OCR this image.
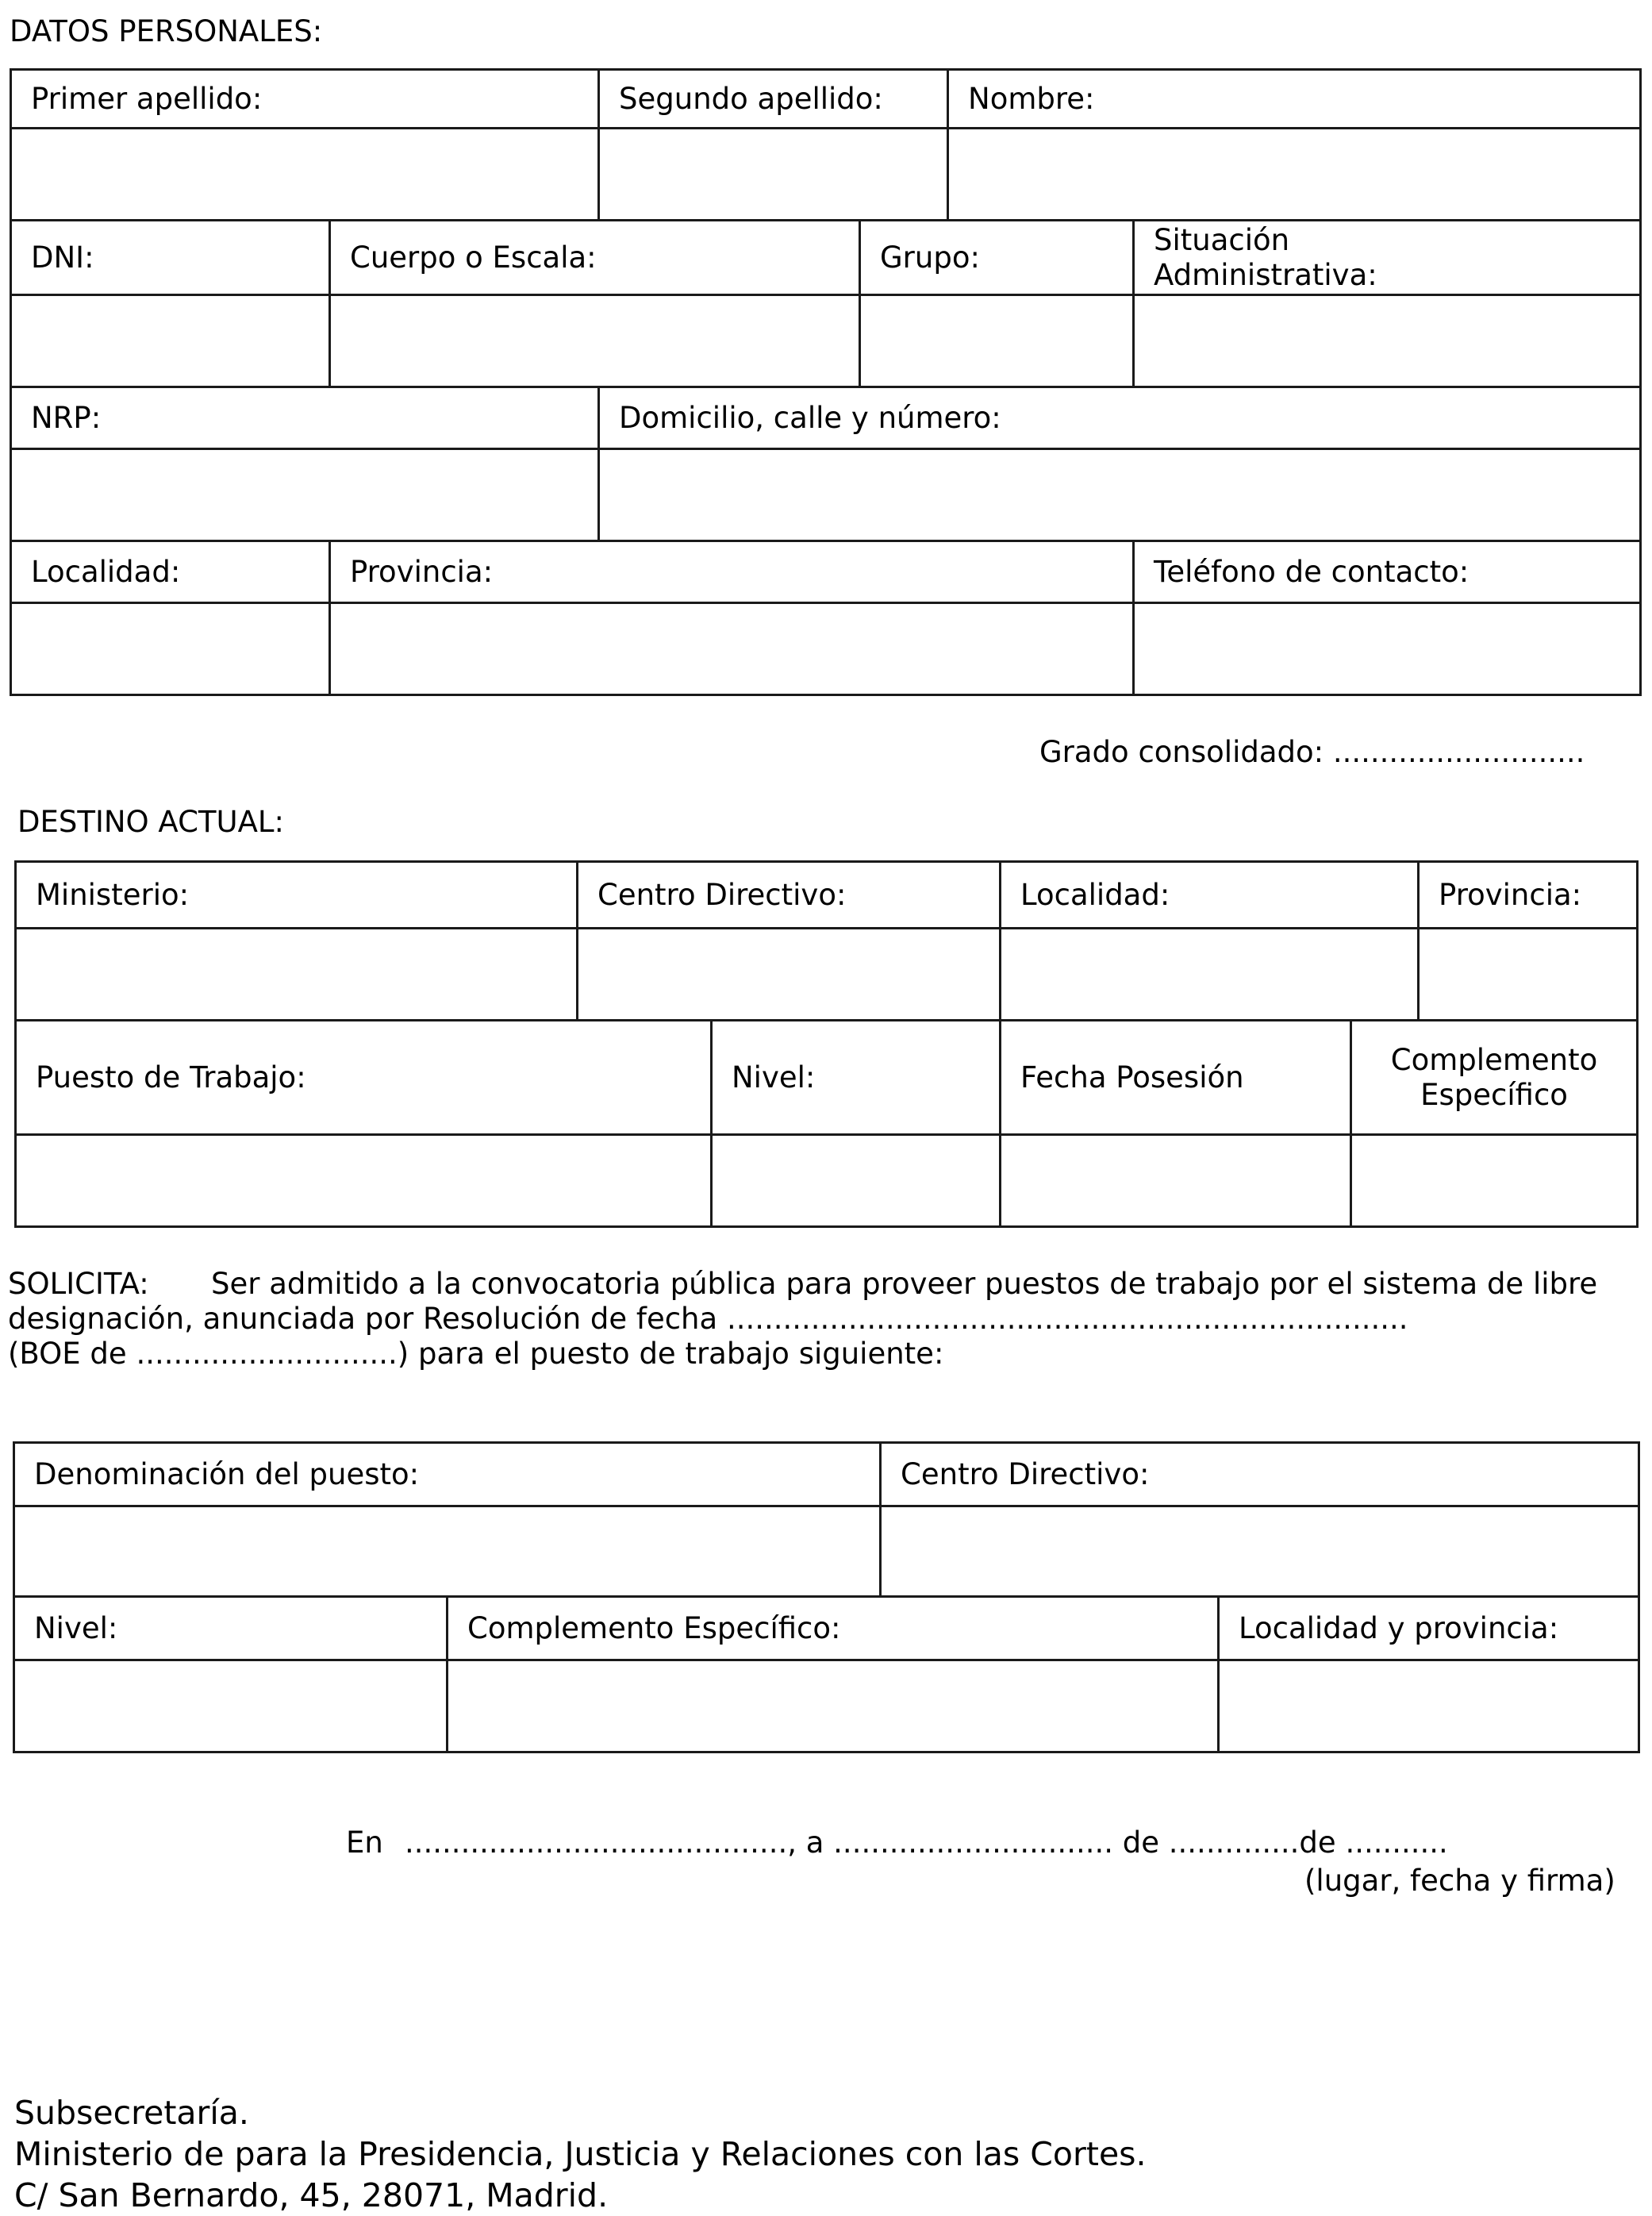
DATOS PERSONALES:
Primer apellido:		Segundo apellido:		Nombre:	

DNI:	Cuerpo o Escala:		Grupo:		Situación
Administrativa:

NRP:		Domicilio, calle y número:			

Localidad:	Provincia:				Teléfono de contacto:

Grado consolidado: ...........................
DESTINO ACTUAL:
Ministerio:	Centro Directivo:		Localidad:		Provincia:

Puesto de Trabajo:		Nivel:	Fecha Posesión	Complemento
Específico	

SOLICITA: Ser admitido a la convocatoria pública para proveer puestos de trabajo por el sistema de libre
designación, anunciada por Resolución de fecha .........................................................................
(BOE de ............................) para el puesto de trabajo siguiente:
Denominación del puesto:		Centro Directivo:	

Nivel:	Complemento Específico:		Localidad y provincia:

En ........................................., a .............................. de ..............de ...........
(lugar, fecha y firma)
Subsecretaría.
Ministerio de para la Presidencia, Justicia y Relaciones con las Cortes.
C/ San Bernardo, 45, 28071, Madrid.
